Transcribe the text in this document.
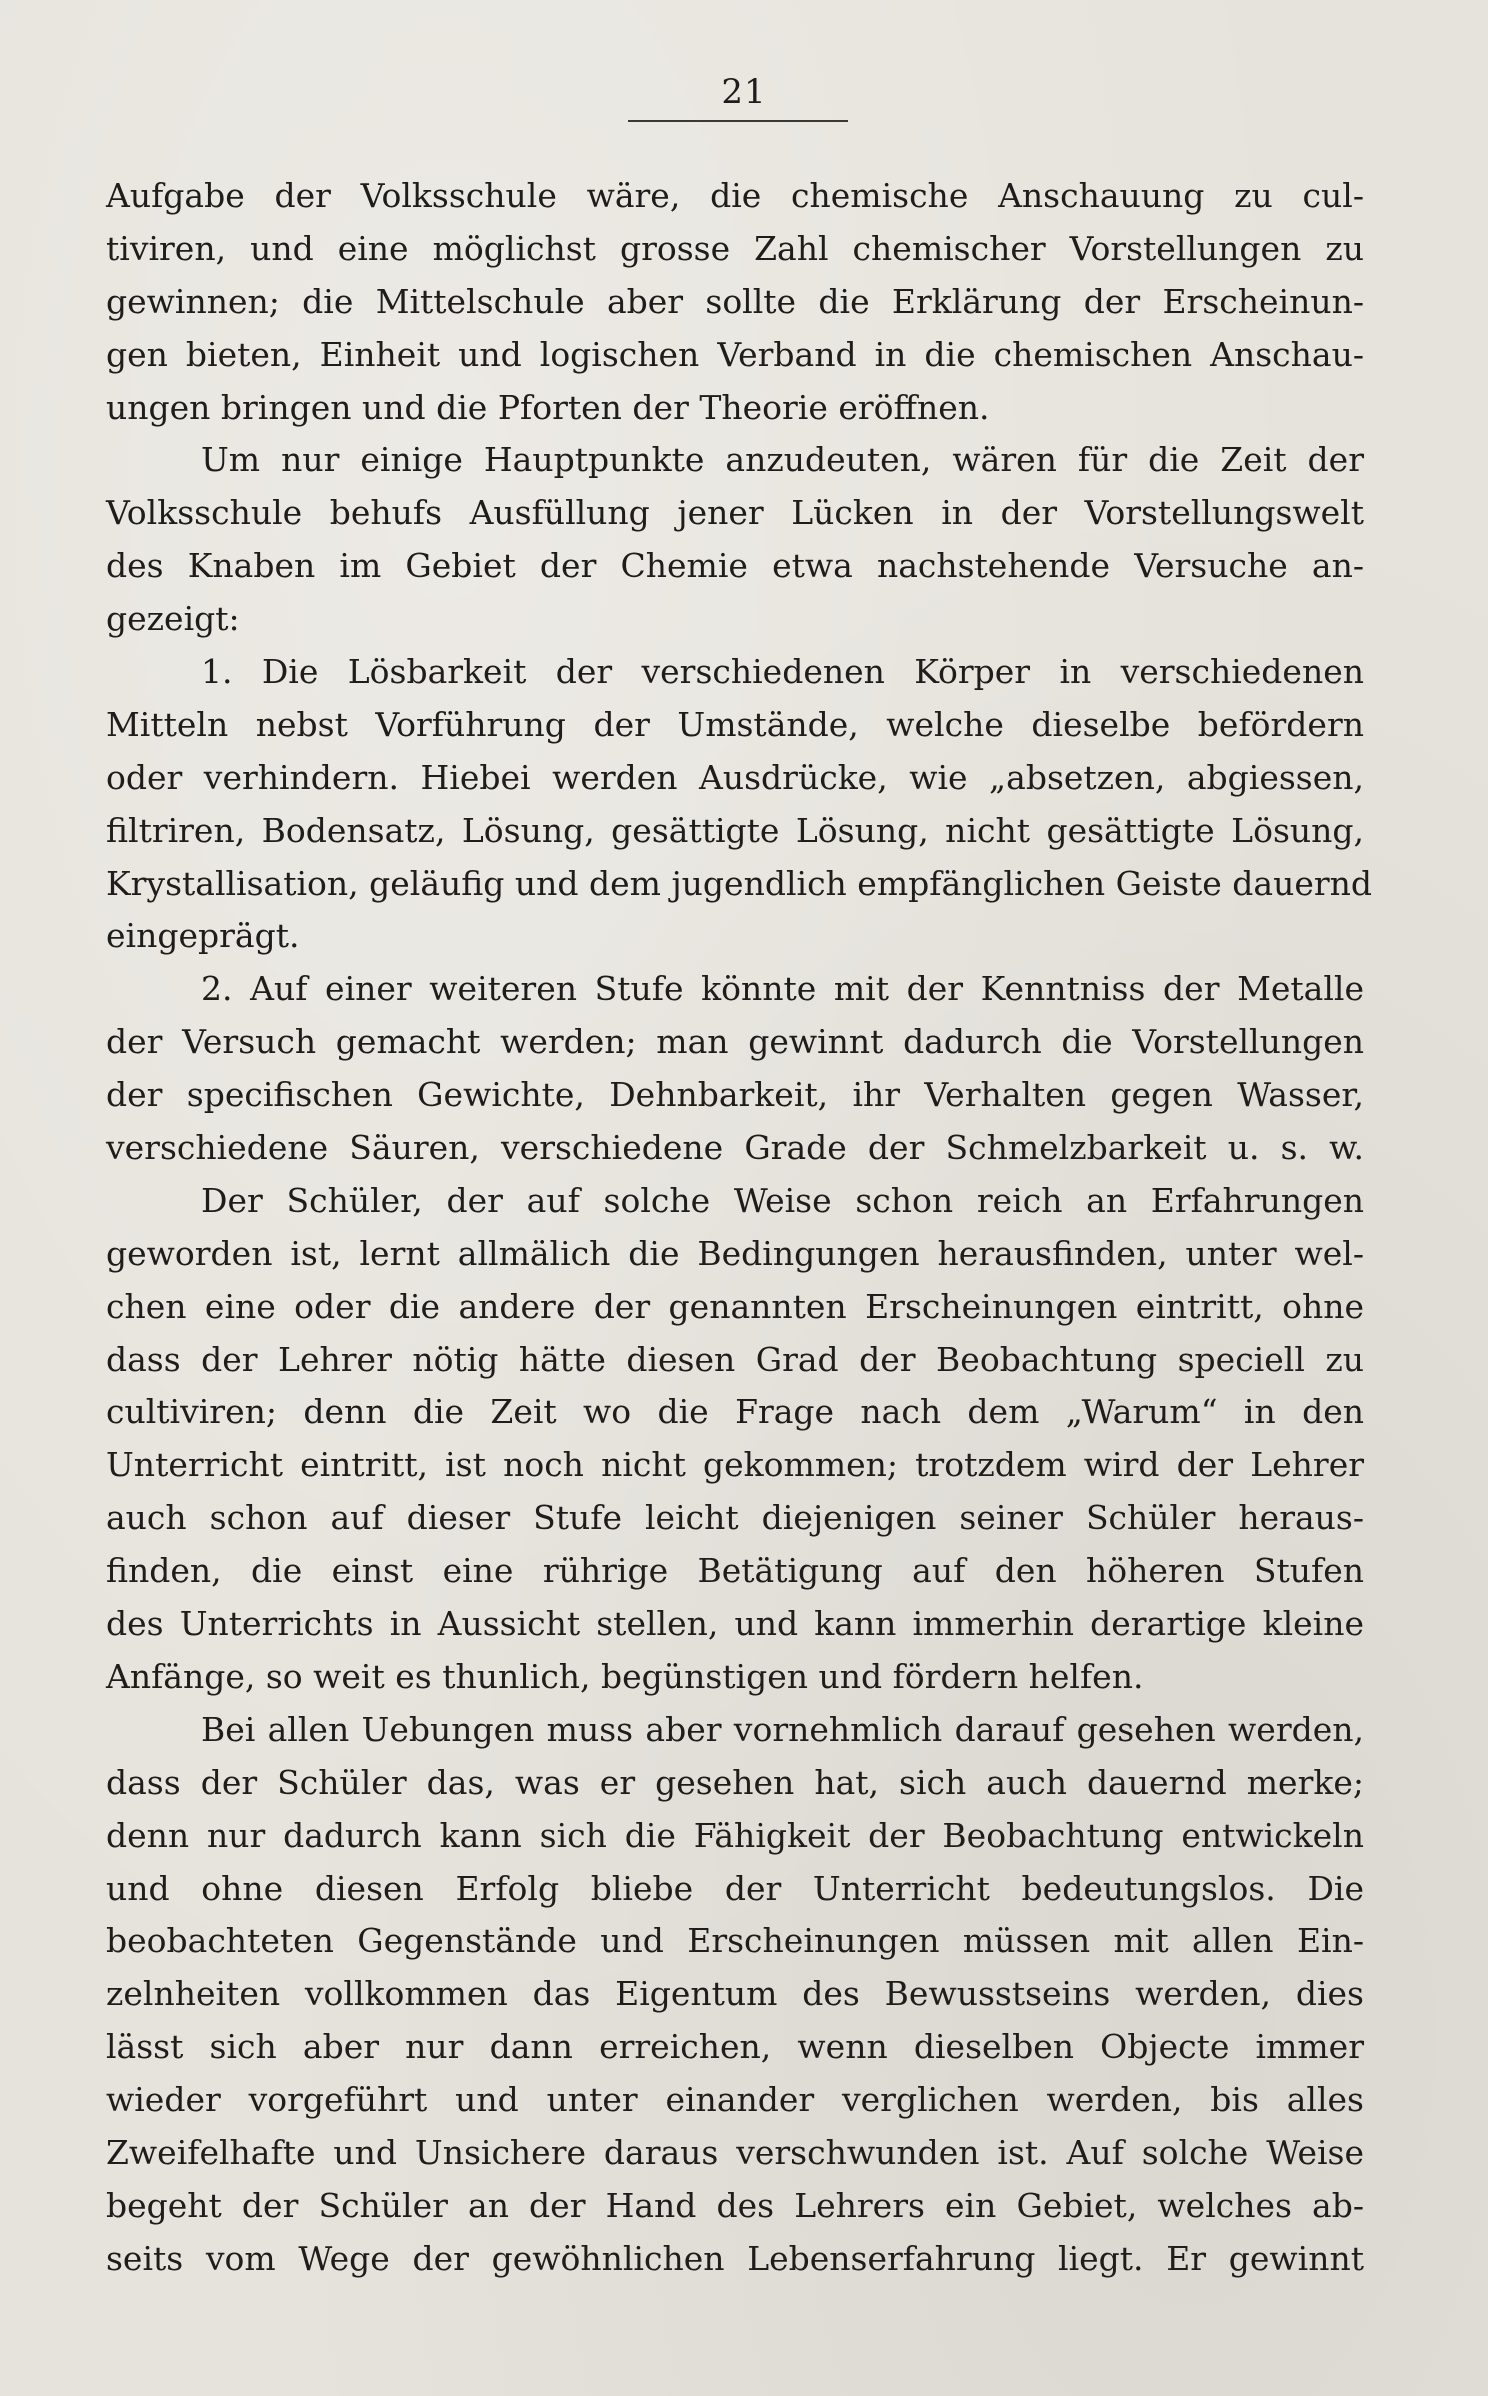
21
Aufgabe der Volksschule wäre, die chemische Anschauung zu cul-
tiviren, und eine möglichst grosse Zahl chemischer Vorstellungen zu
gewinnen; die Mittelschule aber sollte die Erklärung der Erscheinun-
gen bieten, Einheit und logischen Verband in die chemischen Anschau-
ungen bringen und die Pforten der Theorie eröffnen.
Um nur einige Hauptpunkte anzudeuten, wären für die Zeit der
Volksschule behufs Ausfüllung jener Lücken in der Vorstellungswelt
des Knaben im Gebiet der Chemie etwa nachstehende Versuche an-
gezeigt:
1. Die Lösbarkeit der verschiedenen Körper in verschiedenen
Mitteln nebst Vorführung der Umstände, welche dieselbe befördern
oder verhindern. Hiebei werden Ausdrücke, wie „absetzen, abgiessen,
filtriren, Bodensatz, Lösung, gesättigte Lösung, nicht gesättigte Lösung,
Krystallisation, geläufig und dem jugendlich empfänglichen Geiste dauernd
eingeprägt.
2. Auf einer weiteren Stufe könnte mit der Kenntniss der Metalle
der Versuch gemacht werden; man gewinnt dadurch die Vorstellungen
der specifischen Gewichte, Dehnbarkeit, ihr Verhalten gegen Wasser,
verschiedene Säuren, verschiedene Grade der Schmelzbarkeit u. s. w.
Der Schüler, der auf solche Weise schon reich an Erfahrungen
geworden ist, lernt allmälich die Bedingungen herausfinden, unter wel-
chen eine oder die andere der genannten Erscheinungen eintritt, ohne
dass der Lehrer nötig hätte diesen Grad der Beobachtung speciell zu
cultiviren; denn die Zeit wo die Frage nach dem „Warum“ in den
Unterricht eintritt, ist noch nicht gekommen; trotzdem wird der Lehrer
auch schon auf dieser Stufe leicht diejenigen seiner Schüler heraus-
finden, die einst eine rührige Betätigung auf den höheren Stufen
des Unterrichts in Aussicht stellen, und kann immerhin derartige kleine
Anfänge, so weit es thunlich, begünstigen und fördern helfen.
Bei allen Uebungen muss aber vornehmlich darauf gesehen werden,
dass der Schüler das, was er gesehen hat, sich auch dauernd merke;
denn nur dadurch kann sich die Fähigkeit der Beobachtung entwickeln
und ohne diesen Erfolg bliebe der Unterricht bedeutungslos. Die
beobachteten Gegenstände und Erscheinungen müssen mit allen Ein-
zelnheiten vollkommen das Eigentum des Bewusstseins werden, dies
lässt sich aber nur dann erreichen, wenn dieselben Objecte immer
wieder vorgeführt und unter einander verglichen werden, bis alles
Zweifelhafte und Unsichere daraus verschwunden ist. Auf solche Weise
begeht der Schüler an der Hand des Lehrers ein Gebiet, welches ab-
seits vom Wege der gewöhnlichen Lebenserfahrung liegt. Er gewinnt
